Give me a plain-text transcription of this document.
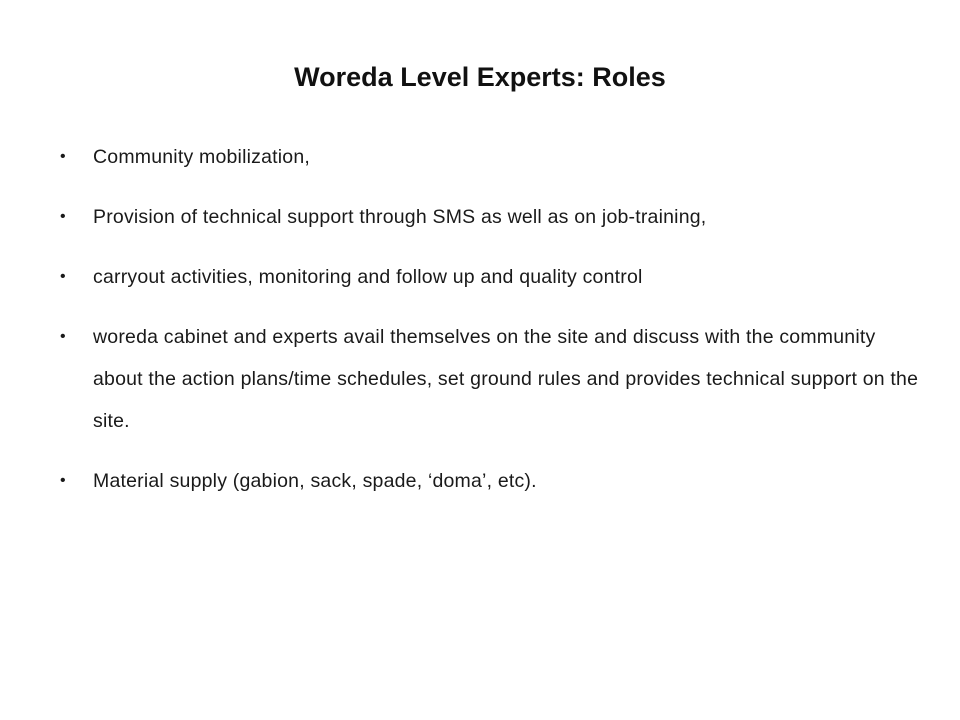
Woreda Level Experts: Roles
•	Community mobilization,
•	Provision of technical support through SMS as well as on job-training,
•	carryout activities, monitoring and follow up and quality control
•	woreda cabinet and experts avail themselves on the site and discuss with the community about the action plans/time schedules, set ground rules and provides technical support on the site.
•	Material supply (gabion, sack, spade, ‘doma’, etc).
